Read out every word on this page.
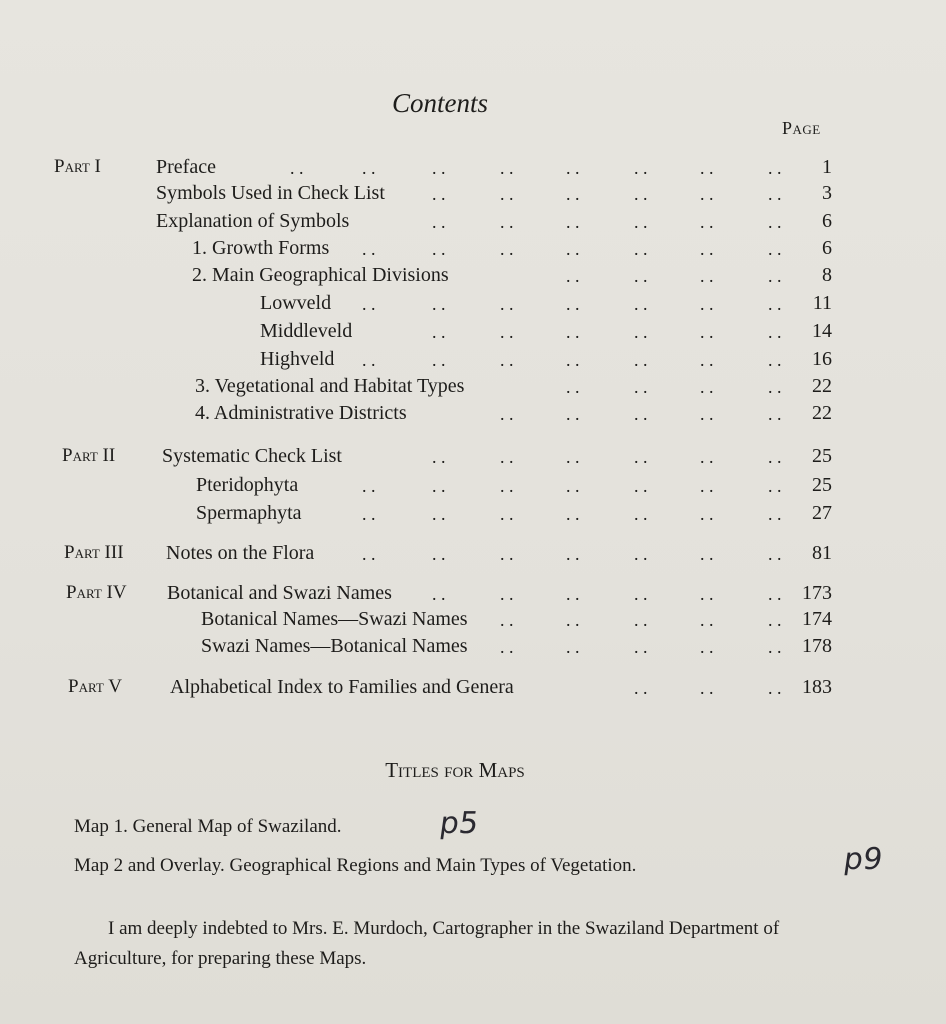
Contents
Page
Part I	Preface	. .	. .	. .	. .	. .	. .	. .	. .	1
Symbols Used in Check List	. .	. .	. .	. .	. .	. .	3
Explanation of Symbols	. .	. .	. .	. .	. .	. .	6
1. Growth Forms . .	. .	. .	. .	. .	. .	. .	6
2. Main Geographical Divisions	. .	. .	. .	. .	8
Lowveld . .	. .	. .	. .	. .	. .	. .	11
Middleveld	. .	. .	. .	. .	. .	. .	14
Highveld . .	. .	. .	. .	. .	. .	. .	16
3. Vegetational and Habitat Types	. .	. .	. .	. .	22
4. Administrative Districts	. .	. .	. .	. .	. .	22
Part II Systematic Check List	. .	. .	. .	. .	. .	. .	25
Pteridophyta	. .	. .	. .	. .	. .	. .	. .	25
Spermaphyta	. .	. .	. .	. .	. .	. .	. .	27
Part III Notes on the Flora	. .	. .	. .	. .	. .	. .	. .	81
Part IV Botanical and Swazi Names . .	. .	. .	. .	. .	. .	173
Botanical Names—Swazi Names . .	. .	. .	. .	. .	174
Swazi Names—Botanical Names . .	. .	. .	. .	. .	178
Part V Alphabetical Index to Families and Genera	. .	. .	. .	183
Titles for Maps
Map 1. General Map of Swaziland.	p5
Map 2 and Overlay. Geographical Regions and Main Types of Vegetation.	p9
I am deeply indebted to Mrs. E. Murdoch, Cartographer in the Swaziland Department of Agriculture, for preparing these Maps.
